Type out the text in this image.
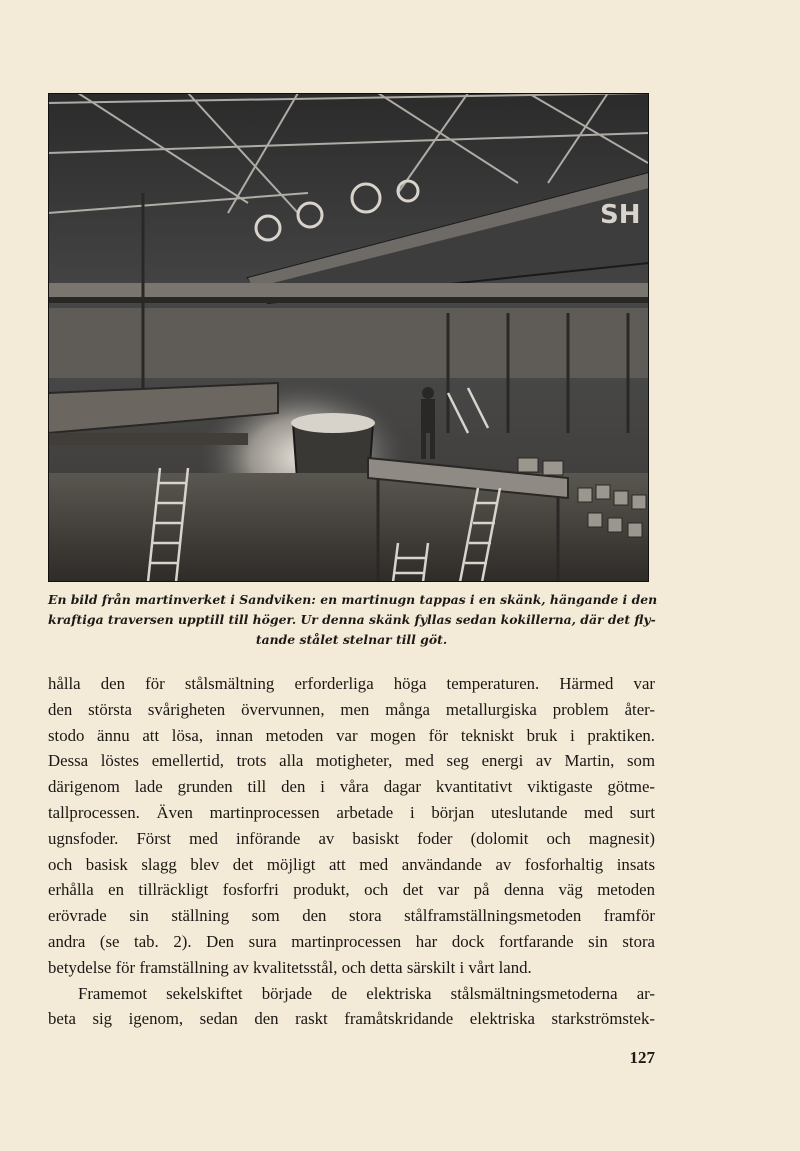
SH
En bild från martinverket i Sandviken: en martinugn tappas i en skänk, hängande i den
kraftiga traversen upptill till höger. Ur denna skänk fyllas sedan kokillerna, där det fly-
tande stålet stelnar till göt.
hålla den för stålsmältning erforderliga höga temperaturen. Härmed var
den största svårigheten övervunnen, men många metallurgiska problem åter-
stodo ännu att lösa, innan metoden var mogen för tekniskt bruk i praktiken.
Dessa löstes emellertid, trots alla motigheter, med seg energi av Martin, som
därigenom lade grunden till den i våra dagar kvantitativt viktigaste götme-
tallprocessen. Även martinprocessen arbetade i början uteslutande med surt
ugnsfoder. Först med införande av basiskt foder (dolomit och magnesit)
och basisk slagg blev det möjligt att med användande av fosforhaltig insats
erhålla en tillräckligt fosforfri produkt, och det var på denna väg metoden
erövrade sin ställning som den stora stålframställningsmetoden framför
andra (se tab. 2). Den sura martinprocessen har dock fortfarande sin stora
betydelse för framställning av kvalitetsstål, och detta särskilt i vårt land.
Framemot sekelskiftet började de elektriska stålsmältningsmetoderna ar-
beta sig igenom, sedan den raskt framåtskridande elektriska starkströmstek-
127
